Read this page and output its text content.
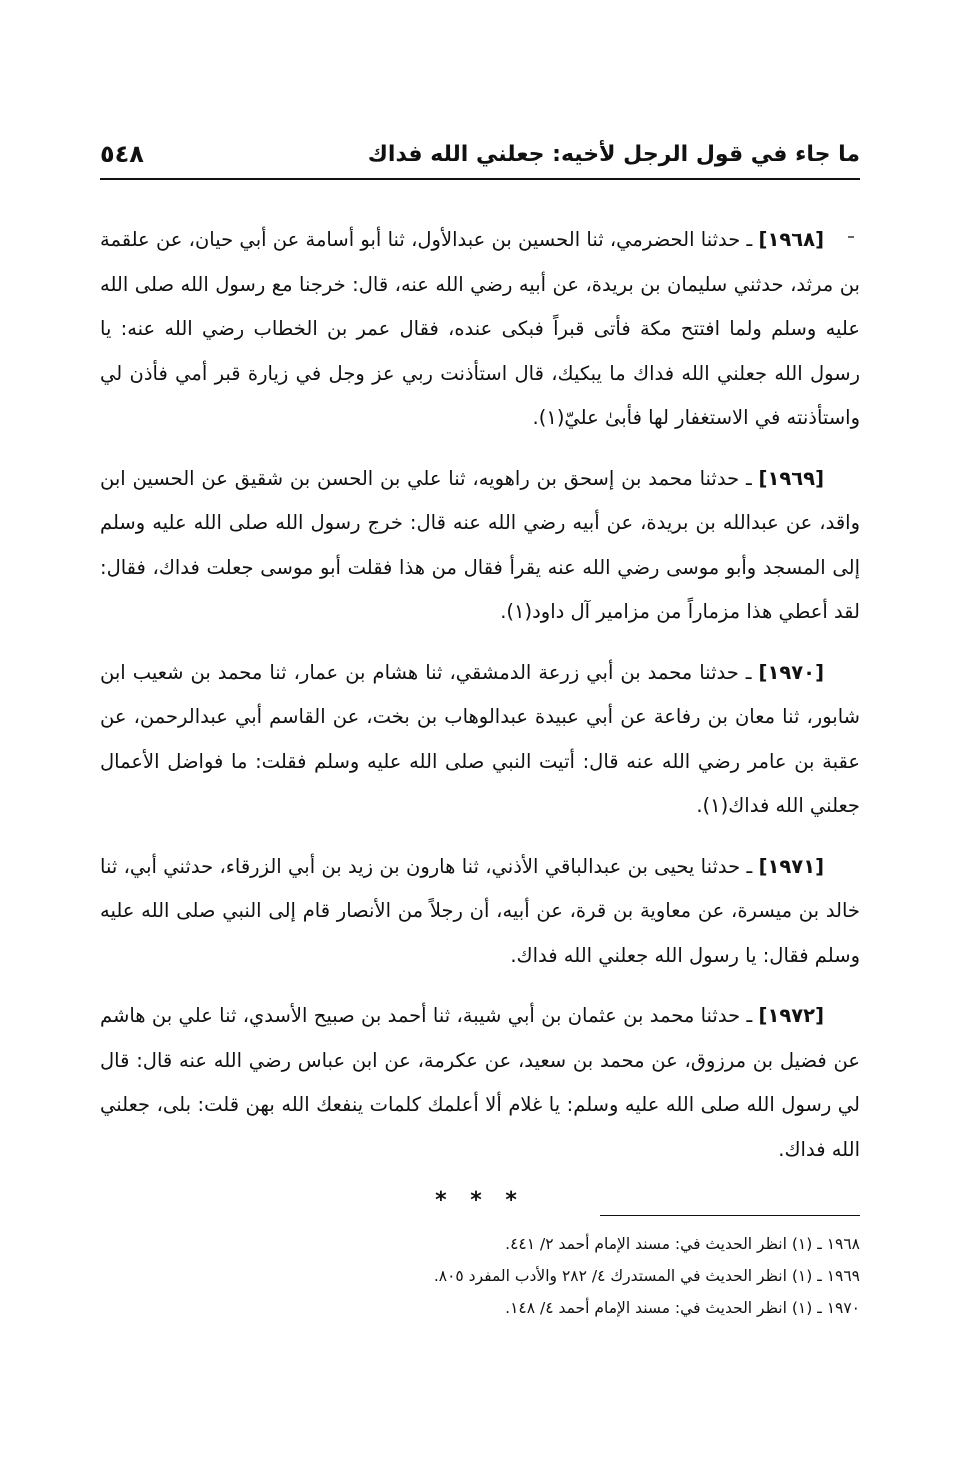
ما جاء في قول الرجل لأخيه: جعلني الله فداك
٥٤٨

[١٩٦٨] ـ حدثنا الحضرمي، ثنا الحسين بن عبدالأول، ثنا أبو أسامة عن أبي حيان، عن علقمة بن مرثد، حدثني سليمان بن بريدة، عن أبيه رضي الله عنه، قال: خرجنا مع رسول الله صلى الله عليه وسلم ولما افتتح مكة فأتى قبراً فبكى عنده، فقال عمر بن الخطاب رضي الله عنه: يا رسول الله جعلني الله فداك ما يبكيك، قال استأذنت ربي عز وجل في زيارة قبر أمي فأذن لي واستأذنته في الاستغفار لها فأبىٰ عليّ(١).

[١٩٦٩] ـ حدثنا محمد بن إسحق بن راهويه، ثنا علي بن الحسن بن شقيق عن الحسين ابن واقد، عن عبدالله بن بريدة، عن أبيه رضي الله عنه قال: خرج رسول الله صلى الله عليه وسلم إلى المسجد وأبو موسى رضي الله عنه يقرأ فقال من هذا فقلت أبو موسى جعلت فداك، فقال: لقد أعطي هذا مزماراً من مزامير آل داود(١).

[١٩٧٠] ـ حدثنا محمد بن أبي زرعة الدمشقي، ثنا هشام بن عمار، ثنا محمد بن شعيب ابن شابور، ثنا معان بن رفاعة عن أبي عبيدة عبدالوهاب بن بخت، عن القاسم أبي عبدالرحمن، عن عقبة بن عامر رضي الله عنه قال: أتيت النبي صلى الله عليه وسلم فقلت: ما فواضل الأعمال جعلني الله فداك(١).

[١٩٧١] ـ حدثنا يحيى بن عبدالباقي الأذني، ثنا هارون بن زيد بن أبي الزرقاء، حدثني أبي، ثنا خالد بن ميسرة، عن معاوية بن قرة، عن أبيه، أن رجلاً من الأنصار قام إلى النبي صلى الله عليه وسلم فقال: يا رسول الله جعلني الله فداك.

[١٩٧٢] ـ حدثنا محمد بن عثمان بن أبي شيبة، ثنا أحمد بن صبيح الأسدي، ثنا علي بن هاشم عن فضيل بن مرزوق، عن محمد بن سعيد، عن عكرمة، عن ابن عباس رضي الله عنه قال: قال لي رسول الله صلى الله عليه وسلم: يا غلام ألا أعلمك كلمات ينفعك الله بهن قلت: بلى، جعلني الله فداك.

* * *
١٩٦٨ ـ (١) انظر الحديث في: مسند الإمام أحمد ٢/ ٤٤١.
١٩٦٩ ـ (١) انظر الحديث في المستدرك ٤/ ٢٨٢ والأدب المفرد ٨٠٥.
١٩٧٠ ـ (١) انظر الحديث في: مسند الإمام أحمد ٤/ ١٤٨.
